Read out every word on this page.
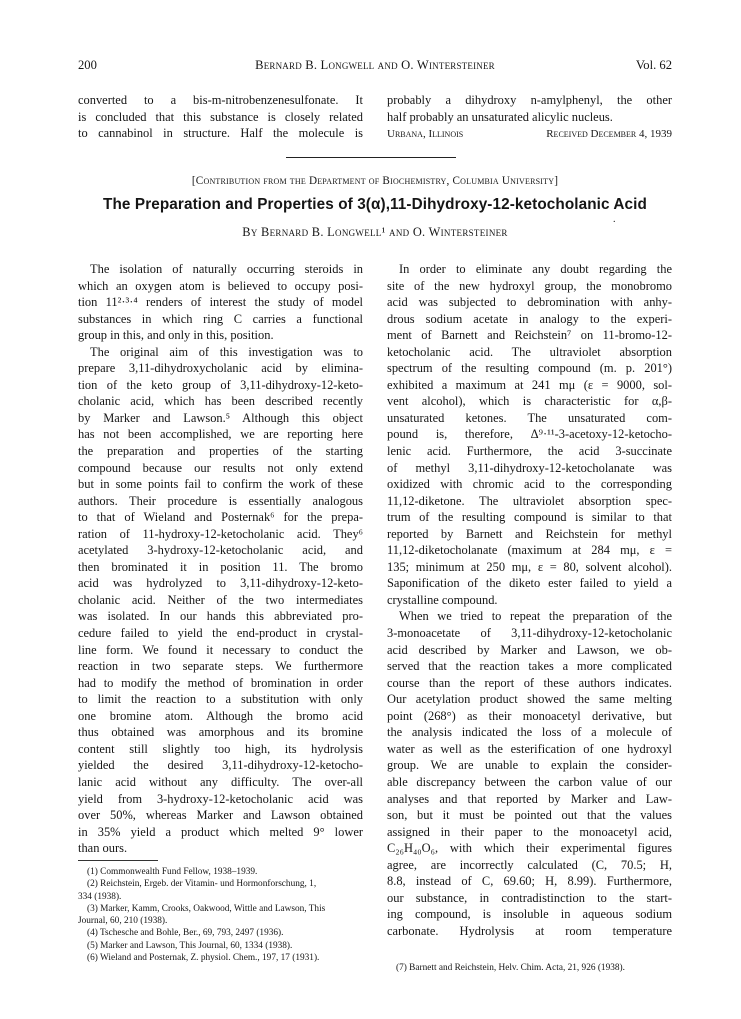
200	Bernard B. Longwell and O. Wintersteiner	Vol. 62
converted to a bis-m-nitrobenzenesulfonate. It
is concluded that this substance is closely related
to cannabinol in structure. Half the molecule is
probably a dihydroxy n-amylphenyl, the other
half probably an unsaturated alicylic nucleus.
Urbana, Illinois	Received December 4, 1939
[Contribution from the Department of Biochemistry, Columbia University]
.
The Preparation and Properties of 3(α),11-Dihydroxy-12-ketocholanic Acid
By Bernard B. Longwell¹ and O. Wintersteiner
The isolation of naturally occurring steroids in
which an oxygen atom is believed to occupy posi-
tion 11²·³·⁴ renders of interest the study of model
substances in which ring C carries a functional
group in this, and only in this, position.
The original aim of this investigation was to
prepare 3,11-dihydroxycholanic acid by elimina-
tion of the keto group of 3,11-dihydroxy-12-keto-
cholanic acid, which has been described recently
by Marker and Lawson.⁵ Although this object
has not been accomplished, we are reporting here
the preparation and properties of the starting
compound because our results not only extend
but in some points fail to confirm the work of these
authors. Their procedure is essentially analogous
to that of Wieland and Posternak⁶ for the prepa-
ration of 11-hydroxy-12-ketocholanic acid. They⁶
acetylated 3-hydroxy-12-ketocholanic acid, and
then brominated it in position 11. The bromo
acid was hydrolyzed to 3,11-dihydroxy-12-keto-
cholanic acid. Neither of the two intermediates
was isolated. In our hands this abbreviated pro-
cedure failed to yield the end-product in crystal-
line form. We found it necessary to conduct the
reaction in two separate steps. We furthermore
had to modify the method of bromination in order
to limit the reaction to a substitution with only
one bromine atom. Although the bromo acid
thus obtained was amorphous and its bromine
content still slightly too high, its hydrolysis
yielded the desired 3,11-dihydroxy-12-ketocho-
lanic acid without any difficulty. The over-all
yield from 3-hydroxy-12-ketocholanic acid was
over 50%, whereas Marker and Lawson obtained
in 35% yield a product which melted 9° lower
than ours.
(1) Commonwealth Fund Fellow, 1938–1939.
(2) Reichstein, Ergeb. der Vitamin- und Hormonforschung, 1,
334 (1938).
(3) Marker, Kamm, Crooks, Oakwood, Wittle and Lawson, This
Journal, 60, 210 (1938).
(4) Tschesche and Bohle, Ber., 69, 793, 2497 (1936).
(5) Marker and Lawson, This Journal, 60, 1334 (1938).
(6) Wieland and Posternak, Z. physiol. Chem., 197, 17 (1931).
In order to eliminate any doubt regarding the
site of the new hydroxyl group, the monobromo
acid was subjected to debromination with anhy-
drous sodium acetate in analogy to the experi-
ment of Barnett and Reichstein⁷ on 11-bromo-12-
ketocholanic acid. The ultraviolet absorption
spectrum of the resulting compound (m. p. 201°)
exhibited a maximum at 241 mμ (ε = 9000, sol-
vent alcohol), which is characteristic for α,β-
unsaturated ketones. The unsaturated com-
pound is, therefore, Δ⁹·¹¹-3-acetoxy-12-ketocho-
lenic acid. Furthermore, the acid 3-succinate
of methyl 3,11-dihydroxy-12-ketocholanate was
oxidized with chromic acid to the corresponding
11,12-diketone. The ultraviolet absorption spec-
trum of the resulting compound is similar to that
reported by Barnett and Reichstein for methyl
11,12-diketocholanate (maximum at 284 mμ, ε =
135; minimum at 250 mμ, ε = 80, solvent alcohol).
Saponification of the diketo ester failed to yield a
crystalline compound.
When we tried to repeat the preparation of the
3-monoacetate of 3,11-dihydroxy-12-ketocholanic
acid described by Marker and Lawson, we ob-
served that the reaction takes a more complicated
course than the report of these authors indicates.
Our acetylation product showed the same melting
point (268°) as their monoacetyl derivative, but
the analysis indicated the loss of a molecule of
water as well as the esterification of one hydroxyl
group. We are unable to explain the consider-
able discrepancy between the carbon value of our
analyses and that reported by Marker and Law-
son, but it must be pointed out that the values
assigned in their paper to the monoacetyl acid,
C₂₆H₄₀O₆, with which their experimental figures
agree, are incorrectly calculated (C, 70.5; H,
8.8, instead of C, 69.60; H, 8.99). Furthermore,
our substance, in contradistinction to the start-
ing compound, is insoluble in aqueous sodium
carbonate. Hydrolysis at room temperature
(7) Barnett and Reichstein, Helv. Chim. Acta, 21, 926 (1938).
